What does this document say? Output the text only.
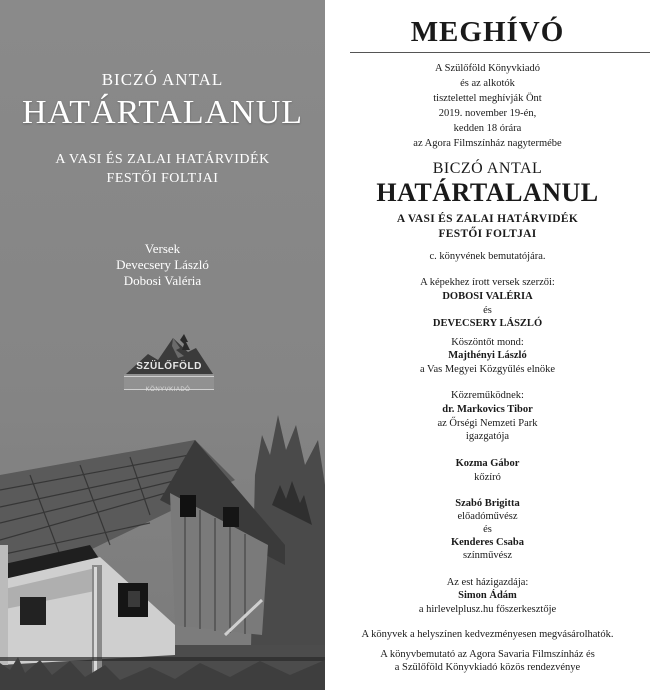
BICZÓ ANTAL
HATÁRTALANUL
A VASI ÉS ZALAI HATÁRVIDÉK
FESTŐI FOLTJAI
Versek
Devecsery László
Dobosi Valéria
SZÜLŐFÖLD
KÖNYVKIADÓ
MEGHÍVÓ
A Szülőföld Könyvkiadó
és az alkotók
tisztelettel meghívják Önt
2019. november 19-én,
kedden 18 órára
az Agora Filmszínház nagytermébe
BICZÓ ANTAL
HATÁRTALANUL
A VASI ÉS ZALAI HATÁRVIDÉK
FESTŐI FOLTJAI
c. könyvének bemutatójára.
A képekhez írott versek szerzői:
DOBOSI VALÉRIA
és
DEVECSERY LÁSZLÓ
Köszöntőt mond:
Majthényi László
a Vas Megyei Közgyűlés elnöke
Közreműködnek:
dr. Markovics Tibor
az Őrségi Nemzeti Park
igazgatója
Kozma Gábor
kőzíró
Szabó Brigitta
előadóművész
és
Kenderes Csaba
színművész
Az est házigazdája:
Simon Ádám
a hirlevelplusz.hu főszerkesztője
A könyvek a helyszínen kedvezményesen megvásárolhatók.
A könyvbemutató az Agora Savaria Filmszínház és
a Szülőföld Könyvkiadó közös rendezvénye
